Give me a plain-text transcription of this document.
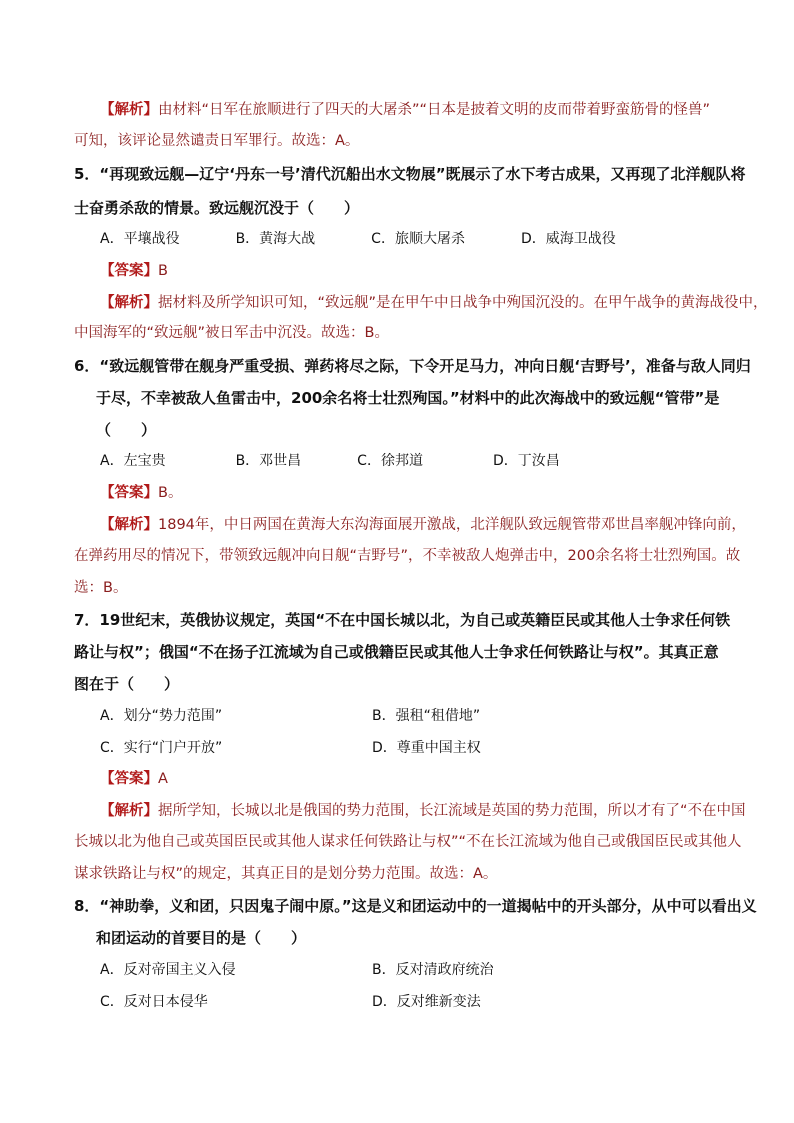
【解析】由材料“日军在旅顺进行了四天的大屠杀”“日本是披着文明的皮而带着野蛮筋骨的怪兽”
可知，该评论显然谴责日军罪行。故选：A。
5．“再现致远舰—辽宁‘丹东一号’清代沉船出水文物展”既展示了水下考古成果，又再现了北洋舰队将
士奋勇杀敌的情景。致远舰沉没于（　　）
A．平壤战役　　　　B．黄海大战　　　　C．旅顺大屠杀　　　　D．威海卫战役
【答案】B
【解析】据材料及所学知识可知，“致远舰”是在甲午中日战争中殉国沉没的。在甲午战争的黄海战役中，
中国海军的“致远舰”被日军击中沉没。故选：B。
6．“致远舰管带在舰身严重受损、弹药将尽之际，下令开足马力，冲向日舰‘吉野号’，准备与敌人同归
于尽，不幸被敌人鱼雷击中，200余名将士壮烈殉国。”材料中的此次海战中的致远舰“管带”是
（　　）
A．左宝贵　　　　　B．邓世昌　　　　C．徐邦道　　　　　D．丁汝昌
【答案】B。
【解析】1894年，中日两国在黄海大东沟海面展开激战，北洋舰队致远舰管带邓世昌率舰冲锋向前，
在弹药用尽的情况下，带领致远舰冲向日舰“吉野号”，不幸被敌人炮弹击中，200余名将士壮烈殉国。故
选：B。
7．19世纪末，英俄协议规定，英国“不在中国长城以北，为自己或英籍臣民或其他人士争求任何铁
路让与权”；俄国“不在扬子江流域为自己或俄籍臣民或其他人士争求任何铁路让与权”。其真正意
图在于（　　）
A．划分“势力范围”	B．强租“租借地”
C．实行“门户开放”	D．尊重中国主权
【答案】A
【解析】据所学知，长城以北是俄国的势力范围，长江流域是英国的势力范围，所以才有了“不在中国
长城以北为他自己或英国臣民或其他人谋求任何铁路让与权”“不在长江流域为他自己或俄国臣民或其他人
谋求铁路让与权”的规定，其真正目的是划分势力范围。故选：A。
8．“神助拳，义和团，只因鬼子闹中原。”这是义和团运动中的一道揭帖中的开头部分，从中可以看出义
和团运动的首要目的是（　　）
A．反对帝国主义入侵	B．反对清政府统治
C．反对日本侵华	D．反对维新变法
